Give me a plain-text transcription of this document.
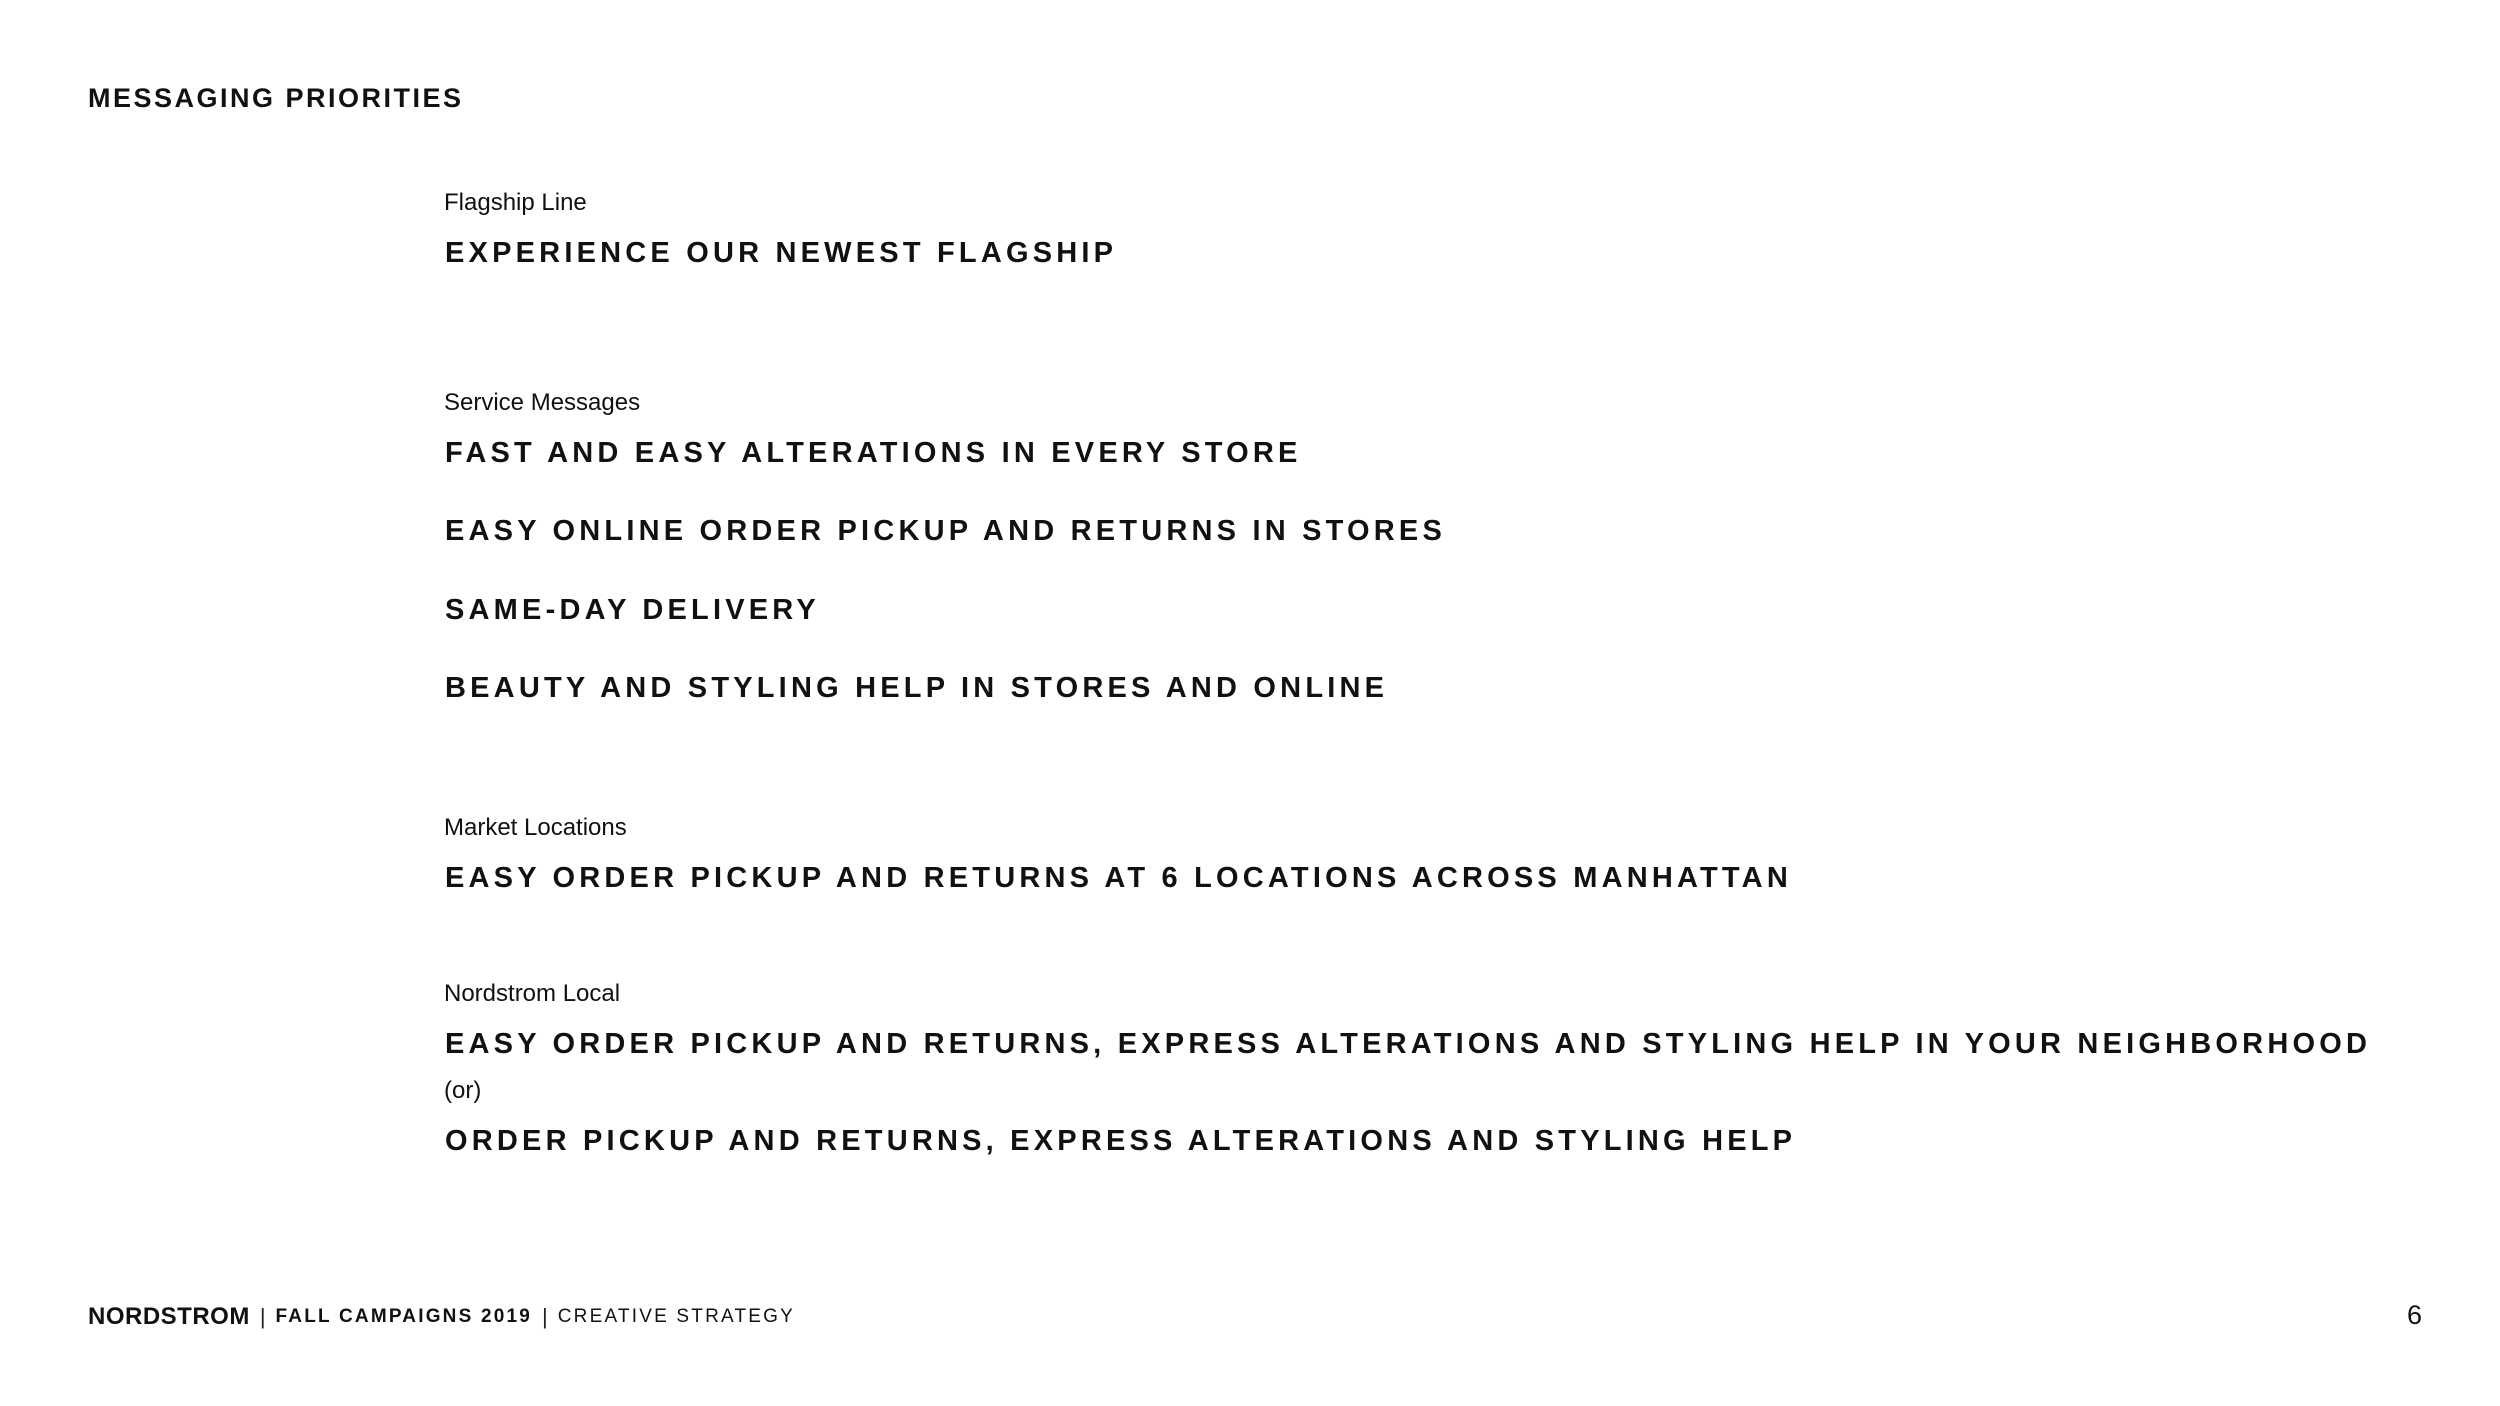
MESSAGING PRIORITIES
Flagship Line
EXPERIENCE OUR NEWEST FLAGSHIP
Service Messages
FAST AND EASY ALTERATIONS IN EVERY STORE
EASY ONLINE ORDER PICKUP AND RETURNS IN STORES
SAME-DAY DELIVERY
BEAUTY AND STYLING HELP IN STORES AND ONLINE
Market Locations
EASY ORDER PICKUP AND RETURNS AT 6 LOCATIONS ACROSS MANHATTAN
Nordstrom Local
EASY ORDER PICKUP AND RETURNS, EXPRESS ALTERATIONS AND STYLING HELP IN YOUR NEIGHBORHOOD
(or)
ORDER PICKUP AND RETURNS, EXPRESS ALTERATIONS AND STYLING HELP
NORDSTROM | FALL CAMPAIGNS 2019 | CREATIVE STRATEGY	6
